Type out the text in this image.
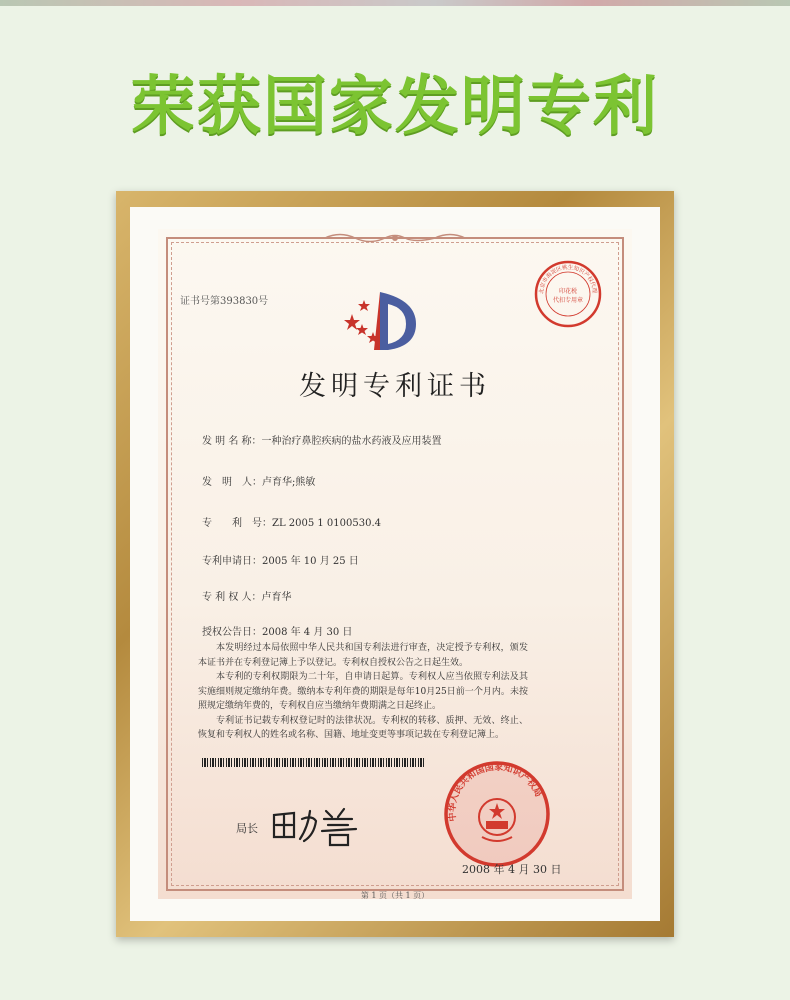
荣获国家发明专利
证书号第393830号
北京市海淀区桃生知识产权代理
印花税
代扣专用章
发明专利证书
发 明 名 称：一种治疗鼻腔疾病的盐水药液及应用装置
发　明　人：卢育华;熊敏
专　　利　号：ZL 2005 1 0100530.4
专利申请日：2005 年 10 月 25 日
专 利 权 人：卢育华
授权公告日：2008 年 4 月 30 日

本发明经过本局依照中华人民共和国专利法进行审查，决定授予专利权，颁发本证书并在专利登记簿上予以登记。专利权自授权公告之日起生效。

本专利的专利权期限为二十年，自申请日起算。专利权人应当依照专利法及其实施细则规定缴纳年费。缴纳本专利年费的期限是每年10月25日前一个月内。未按照规定缴纳年费的，专利权自应当缴纳年费期满之日起终止。

专利证书记载专利权登记时的法律状况。专利权的转移、质押、无效、终止、恢复和专利权人的姓名或名称、国籍、地址变更等事项记载在专利登记簿上。

局长
中华人民共和国国家知识产权局
2008 年 4 月 30 日
第 1 页（共 1 页）
